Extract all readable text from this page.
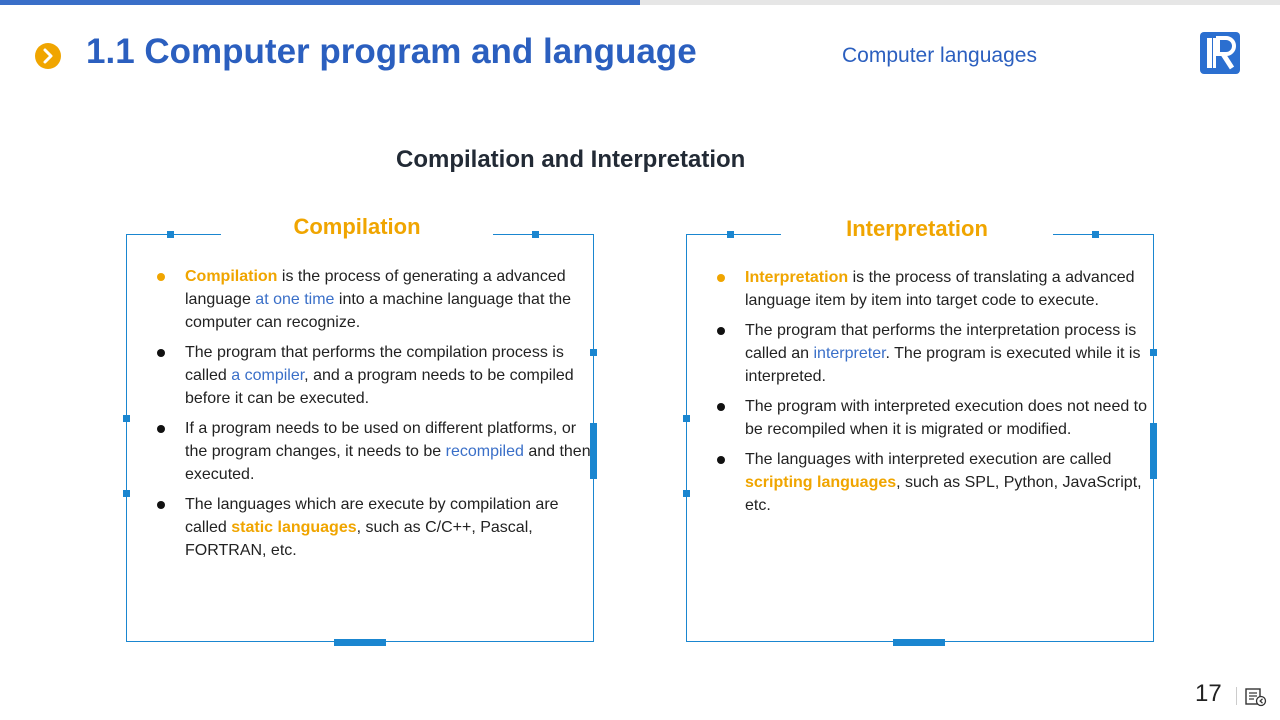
1.1 Computer program and language	Computer languages
Compilation and Interpretation
Compilation
Compilation is the process of generating a advanced language at one time into a machine language that the computer can recognize.
The program that performs the compilation process is called a compiler, and a program needs to be compiled before it can be executed.
If a program needs to be used on different platforms, or the program changes, it needs to be recompiled and then executed.
The languages which are execute by compilation are called static languages, such as C/C++, Pascal, FORTRAN, etc.
Interpretation
Interpretation is the process of translating a advanced language item by item into target code to execute.
The program that performs the interpretation process is called an interpreter. The program is executed while it is interpreted.
The program with interpreted execution does not need to be recompiled when it is migrated or modified.
The languages with interpreted execution are called scripting languages, such as SPL, Python, JavaScript, etc.
17
